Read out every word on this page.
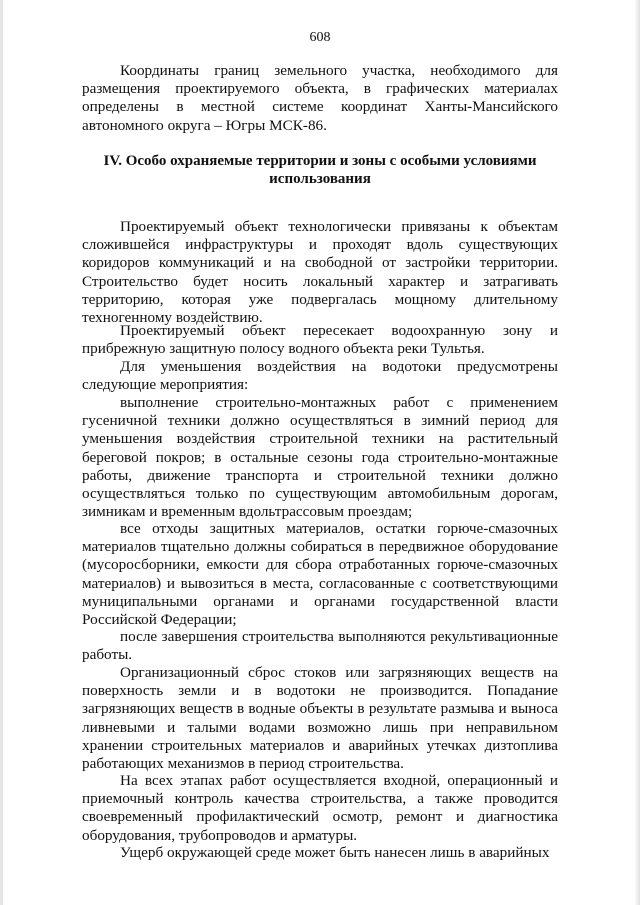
608

Координаты границ земельного участка, необходимого для размещения проектируемого объекта, в графических материалах определены в местной системе координат Ханты-Мансийского автономного округа – Югры МСК-86.

IV. Особо охраняемые территории и зоны с особыми условиями
использования

Проектируемый объект технологически привязаны к объектам сложившейся инфраструктуры и проходят вдоль существующих коридоров коммуникаций и на свободной от застройки территории. Строительство будет носить локальный характер и затрагивать территорию, которая уже подвергалась мощному длительному техногенному воздействию.

Проектируемый объект пересекает водоохранную зону и прибрежную защитную полосу водного объекта реки Тультья.

Для уменьшения воздействия на водотоки предусмотрены следующие мероприятия:

выполнение строительно-монтажных работ с применением гусеничной техники должно осуществляться в зимний период для уменьшения воздействия строительной техники на растительный береговой покров; в остальные сезоны года строительно-монтажные работы, движение транспорта и строительной техники должно осуществляться только по существующим автомобильным дорогам, зимникам и временным вдольтрассовым проездам;

все отходы защитных материалов, остатки горюче-смазочных материалов тщательно должны собираться в передвижное оборудование (мусоросборники, емкости для сбора отработанных горюче-смазочных материалов) и вывозиться в места, согласованные с соответствующими муниципальными органами и органами государственной власти Российской Федерации;

после завершения строительства выполняются рекультивационные работы.

Организационный сброс стоков или загрязняющих веществ на поверхность земли и в водотоки не производится. Попадание загрязняющих веществ в водные объекты в результате размыва и выноса ливневыми и талыми водами возможно лишь при неправильном хранении строительных материалов и аварийных утечках дизтоплива работающих механизмов в период строительства.

На всех этапах работ осуществляется входной, операционный и приемочный контроль качества строительства, а также проводится своевременный профилактический осмотр, ремонт и диагностика оборудования, трубопроводов и арматуры.

Ущерб окружающей среде может быть нанесен лишь в аварийных
